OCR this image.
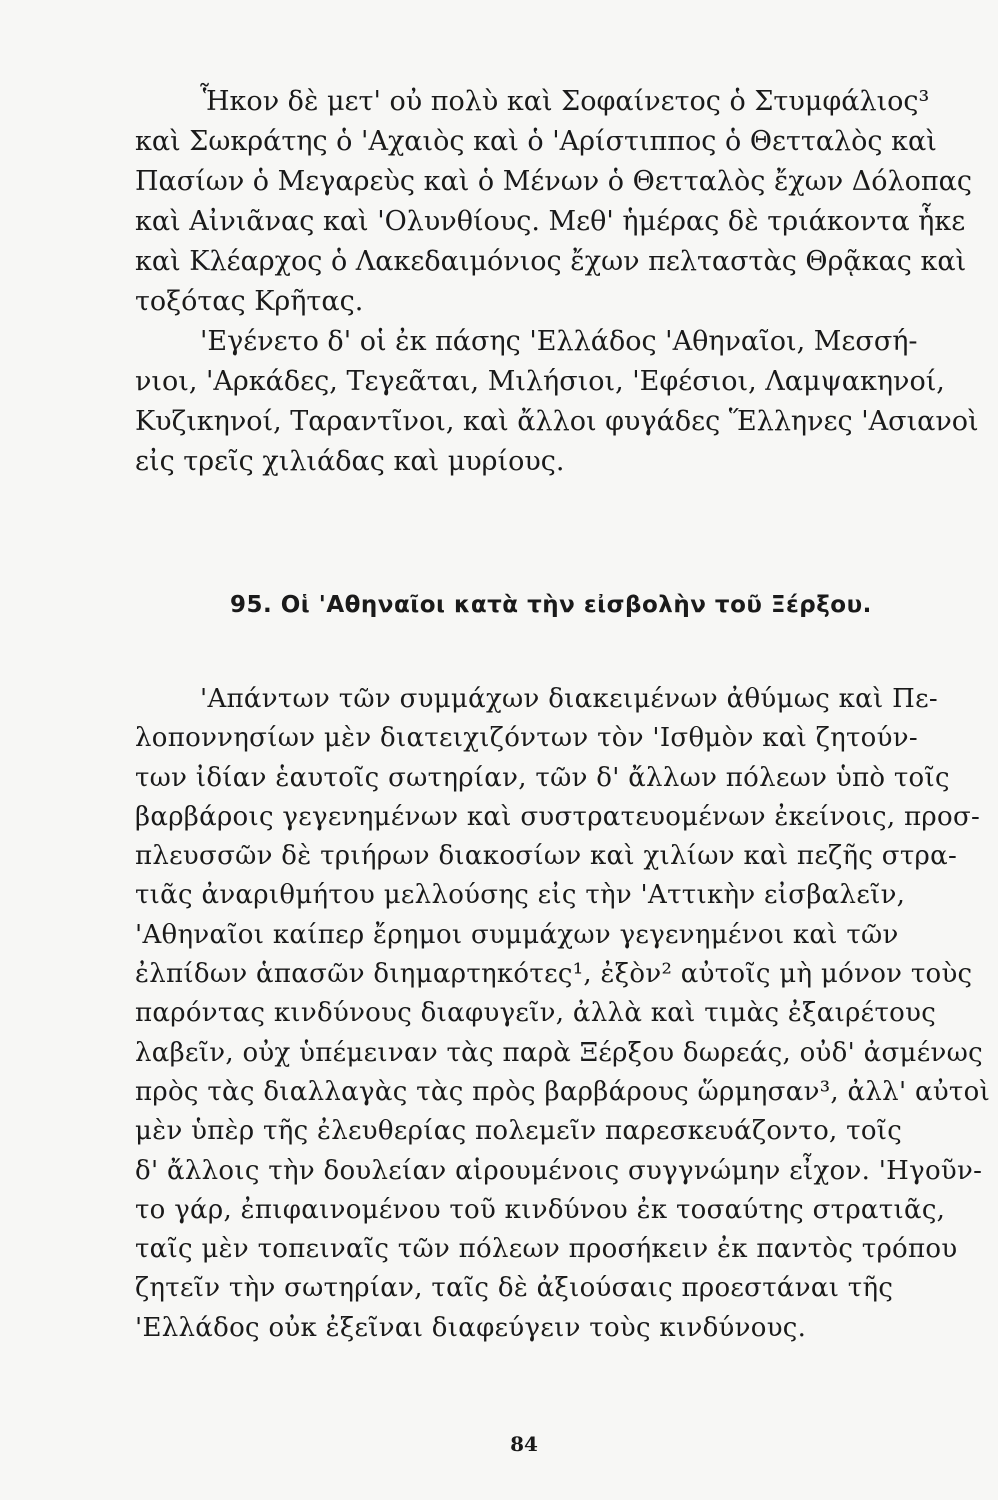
Ἧκον δὲ μετ' οὐ πολὺ καὶ Σοφαίνετος ὁ Στυμφάλιος³
καὶ Σωκράτης ὁ 'Αχαιὸς καὶ ὁ 'Αρίστιππος ὁ Θετταλὸς καὶ
Πασίων ὁ Μεγαρεὺς καὶ ὁ Μένων ὁ Θετταλὸς ἔχων Δόλοπας
καὶ Αἰνιᾶνας καὶ 'Ολυνθίους. Μεθ' ἡμέρας δὲ τριάκοντα ἧκε
καὶ Κλέαρχος ὁ Λακεδαιμόνιος ἔχων πελταστὰς Θρᾷκας καὶ
τοξότας Κρῆτας.
'Εγένετο δ' οἱ ἐκ πάσης 'Ελλάδος 'Αθηναῖοι, Μεσσή-
νιοι, 'Αρκάδες, Τεγεᾶται, Μιλήσιοι, 'Εφέσιοι, Λαμψακηνοί,
Κυζικηνοί, Ταραντῖνοι, καὶ ἄλλοι φυγάδες Ἕλληνες 'Ασιανοὶ
εἰς τρεῖς χιλιάδας καὶ μυρίους.
95. Οἱ 'Αθηναῖοι κατὰ τὴν εἰσβολὴν τοῦ Ξέρξου.
'Απάντων τῶν συμμάχων διακειμένων ἀθύμως καὶ Πε-
λοποννησίων μὲν διατειχιζόντων τὸν 'Ισθμὸν καὶ ζητούν-
των ἰδίαν ἑαυτοῖς σωτηρίαν, τῶν δ' ἄλλων πόλεων ὑπὸ τοῖς
βαρβάροις γεγενημένων καὶ συστρατευομένων ἐκείνοις, προσ-
πλευσσῶν δὲ τριήρων διακοσίων καὶ χιλίων καὶ πεζῆς στρα-
τιᾶς ἀναριθμήτου μελλούσης εἰς τὴν 'Αττικὴν εἰσβαλεῖν,
'Αθηναῖοι καίπερ ἔρημοι συμμάχων γεγενημένοι καὶ τῶν
ἐλπίδων ἁπασῶν διημαρτηκότες¹, ἐξὸν² αὐτοῖς μὴ μόνον τοὺς
παρόντας κινδύνους διαφυγεῖν, ἀλλὰ καὶ τιμὰς ἐξαιρέτους
λαβεῖν, οὐχ ὑπέμειναν τὰς παρὰ Ξέρξου δωρεάς, οὐδ' ἀσμένως
πρὸς τὰς διαλλαγὰς τὰς πρὸς βαρβάρους ὥρμησαν³, ἀλλ' αὐτοὶ
μὲν ὑπὲρ τῆς ἐλευθερίας πολεμεῖν παρεσκευάζοντο, τοῖς
δ' ἄλλοις τὴν δουλείαν αἱρουμένοις συγγνώμην εἶχον. 'Ηγοῦν-
το γάρ, ἐπιφαινομένου τοῦ κινδύνου ἐκ τοσαύτης στρατιᾶς,
ταῖς μὲν τοπειναῖς τῶν πόλεων προσήκειν ἐκ παντὸς τρόπου
ζητεῖν τὴν σωτηρίαν, ταῖς δὲ ἀξιούσαις προεστάναι τῆς
'Ελλάδος οὐκ ἐξεῖναι διαφεύγειν τοὺς κινδύνους.
84
